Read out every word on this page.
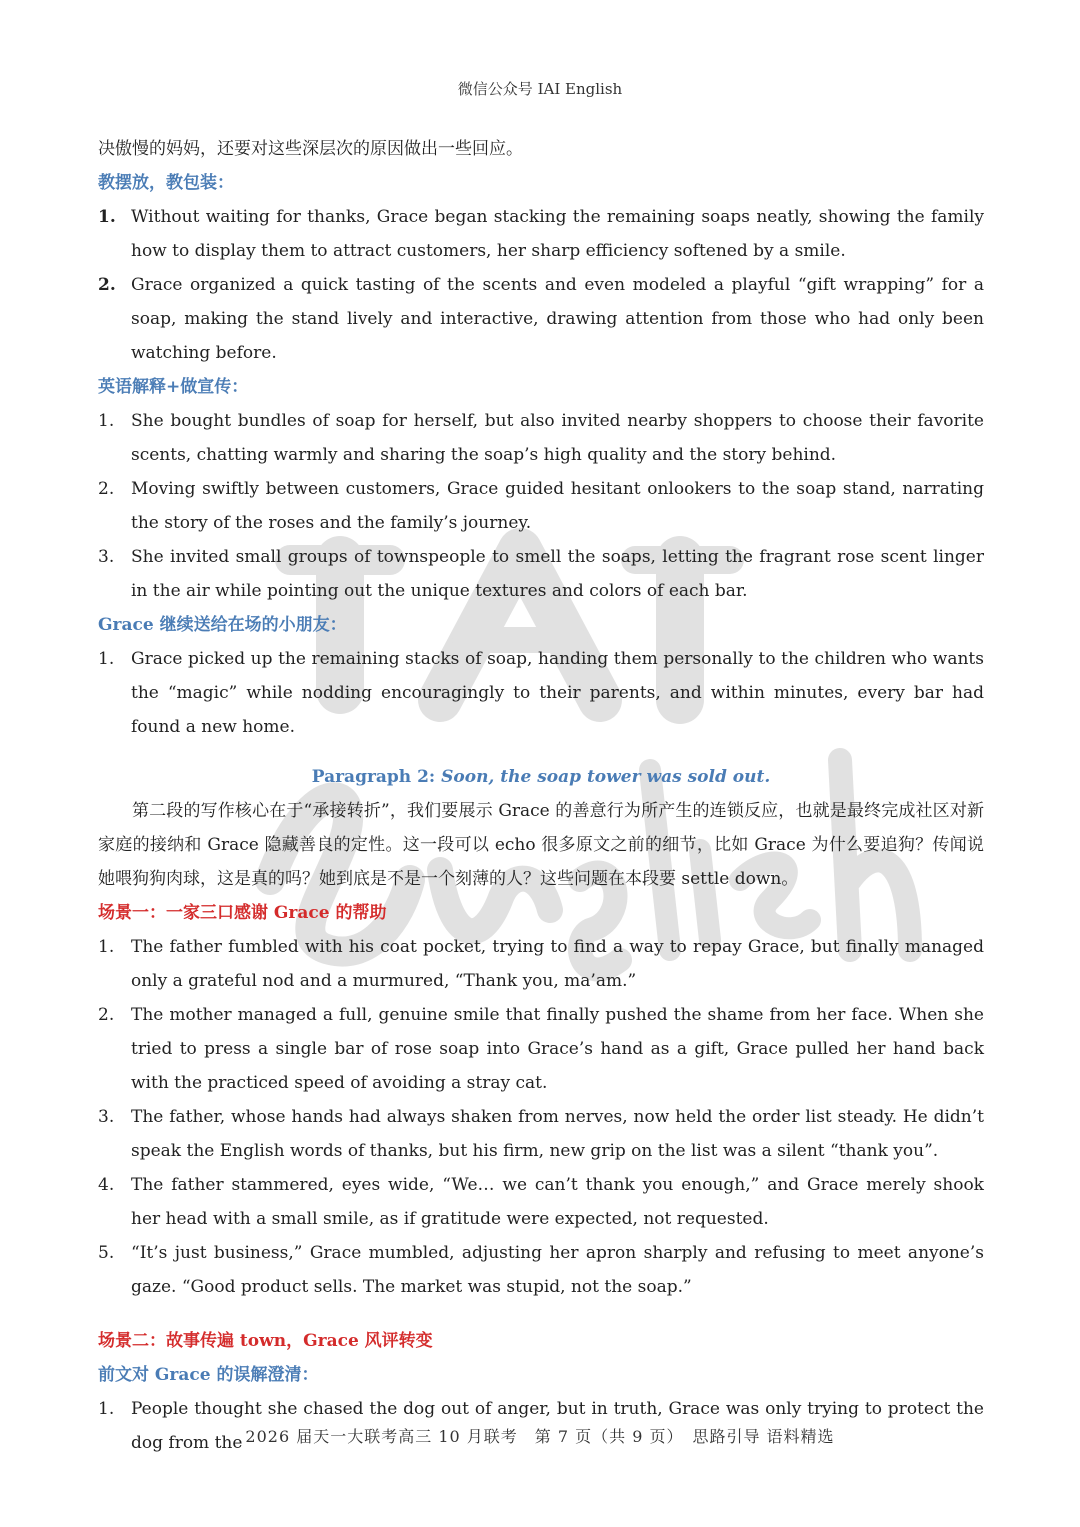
微信公众号 IAI English

决傲慢的妈妈，还要对这些深层次的原因做出一些回应。

教摆放，教包装：

1. Without waiting for thanks, Grace began stacking the remaining soaps neatly, showing the family how to display them to attract customers, her sharp efficiency softened by a smile.
2. Grace organized a quick tasting of the scents and even modeled a playful “gift wrapping” for a soap, making the stand lively and interactive, drawing attention from those who had only been watching before.

英语解释+做宣传：

1. She bought bundles of soap for herself, but also invited nearby shoppers to choose their favorite scents, chatting warmly and sharing the soap’s high quality and the story behind.
2. Moving swiftly between customers, Grace guided hesitant onlookers to the soap stand, narrating the story of the roses and the family’s journey.
3. She invited small groups of townspeople to smell the soaps, letting the fragrant rose scent linger in the air while pointing out the unique textures and colors of each bar.

Grace 继续送给在场的小朋友：

1. Grace picked up the remaining stacks of soap, handing them personally to the children who wants the “magic” while nodding encouragingly to their parents, and within minutes, every bar had found a new home.

Paragraph 2: Soon, the soap tower was sold out.

第二段的写作核心在于“承接转折”，我们要展示 Grace 的善意行为所产生的连锁反应，也就是最终完成社区对新家庭的接纳和 Grace 隐藏善良的定性。这一段可以 echo 很多原文之前的细节，比如 Grace 为什么要追狗？传闻说她喂狗狗肉球，这是真的吗？她到底是不是一个刻薄的人？这些问题在本段要 settle down。

场景一：一家三口感谢 Grace 的帮助

1. The father fumbled with his coat pocket, trying to find a way to repay Grace, but finally managed only a grateful nod and a murmured, “Thank you, ma’am.”
2. The mother managed a full, genuine smile that finally pushed the shame from her face. When she tried to press a single bar of rose soap into Grace’s hand as a gift, Grace pulled her hand back with the practiced speed of avoiding a stray cat.
3. The father, whose hands had always shaken from nerves, now held the order list steady. He didn’t speak the English words of thanks, but his firm, new grip on the list was a silent “thank you”.
4. The father stammered, eyes wide, “We… we can’t thank you enough,” and Grace merely shook her head with a small smile, as if gratitude were expected, not requested.
5. “It’s just business,” Grace mumbled, adjusting her apron sharply and refusing to meet anyone’s gaze. “Good product sells. The market was stupid, not the soap.”

场景二：故事传遍 town，Grace 风评转变

前文对 Grace 的误解澄清：

1. People thought she chased the dog out of anger, but in truth, Grace was only trying to protect the dog from the 2026 届天一大联考高三 10 月联考　第 7 页（共 9 页）　思路引导 语料精选
